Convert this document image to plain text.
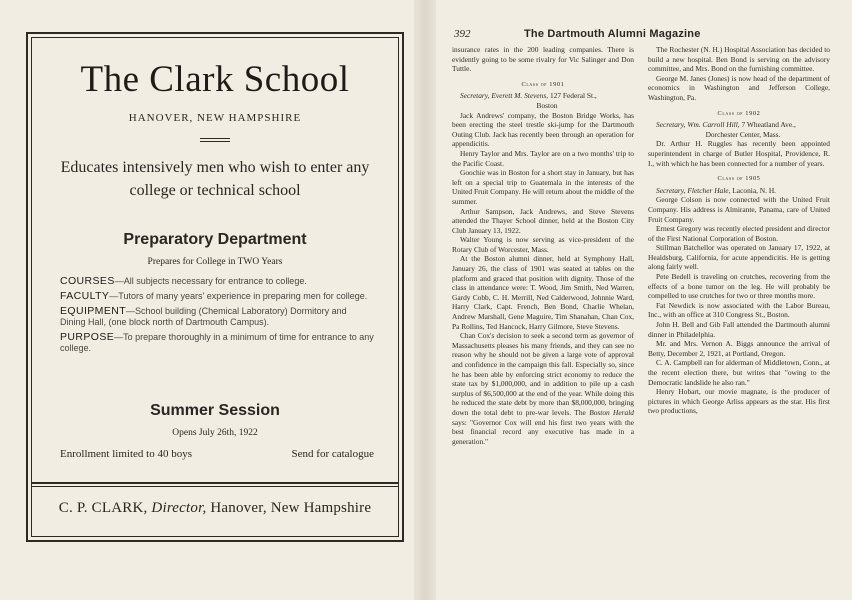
The Clark School
HANOVER, NEW HAMPSHIRE
Educates intensively men who wish to enter any college or technical school
Preparatory Department
Prepares for College in TWO Years
COURSES—All subjects necessary for entrance to college.
FACULTY—Tutors of many years' experience in preparing men for college.
EQUIPMENT—School building (Chemical Laboratory) Dormitory and Dining Hall, (one block north of Dartmouth Campus).
PURPOSE—To prepare thoroughly in a minimum of time for entrance to any college.
Summer Session
Opens July 26th, 1922
Enrollment limited to 40 boys	Send for catalogue
C. P. CLARK, Director, Hanover, New Hampshire
392	The Dartmouth Alumni Magazine

insurance rates in the 200 leading companies. There is evidently going to be some rivalry for Vic Salinger and Don Tuttle.

Class of 1901

Secretary, Everett M. Stevens, 127 Federal St.,

Boston

Jack Andrews' company, the Boston Bridge Works, has been erecting the steel trestle ski-jump for the Dartmouth Outing Club. Jack has recently been through an operation for appendicitis.

Henry Taylor and Mrs. Taylor are on a two months' trip to the Pacific Coast.

Goochie was in Boston for a short stay in January, but has left on a special trip to Guatemala in the interests of the United Fruit Company. He will return about the middle of the summer.

Arthur Sampson, Jack Andrews, and Steve Stevens attended the Thayer School dinner, held at the Boston City Club January 13, 1922.

Walter Young is now serving as vice-president of the Rotary Club of Worcester, Mass.

At the Boston alumni dinner, held at Symphony Hall, January 26, the class of 1901 was seated at tables on the platform and graced that position with dignity. Those of the class in attendance were: T. Wood, Jim Smith, Ned Warren, Gardy Cobb, C. H. Merrill, Ned Calderwood, Johnnie Ward, Harry Clark, Capt. French, Ben Bond, Charlie Whelan, Andrew Marshall, Gene Maguire, Tim Shanahan, Chan Cox, Pa Rollins, Ted Hancock, Harry Gilmore, Steve Stevens.

Chan Cox's decision to seek a second term as governor of Massachusetts pleases his many friends, and they can see no reason why he should not be given a large vote of approval and confidence in the campaign this fall. Especially so, since he has been able by enforcing strict economy to reduce the state tax by $1,000,000, and in addition to pile up a cash surplus of $6,500,000 at the end of the year. While doing this he reduced the state debt by more than $8,000,000, bringing down the total debt to pre-war levels. The Boston Herald says: "Governor Cox will end his first two years with the best financial record any executive has made in a generation."

The Rochester (N. H.) Hospital Association has decided to build a new hospital. Ben Bond is serving on the advisory committee, and Mrs. Bond on the furnishing committee.

George M. Janes (Jones) is now head of the department of economics in Washington and Jefferson College, Washington, Pa.

Class of 1902

Secretary, Wm. Carroll Hill, 7 Wheatland Ave.,

Dorchester Center, Mass.

Dr. Arthur H. Ruggles has recently been appointed superintendent in charge of Butler Hospital, Providence, R. I., with which he has been connected for a number of years.

Class of 1905

Secretary, Fletcher Hale, Laconia, N. H.

George Colson is now connected with the United Fruit Company. His address is Almirante, Panama, care of United Fruit Company.

Ernest Gregory was recently elected president and director of the First National Corporation of Boston.

Stillman Batchellor was operated on January 17, 1922, at Healdsburg, California, for acute appendicitis. He is getting along fairly well.

Pete Bedell is traveling on crutches, recovering from the effects of a bone tumor on the leg. He will probably be compelled to use crutches for two or three months more.

Fat Newdick is now associated with the Labor Bureau, Inc., with an office at 310 Congress St., Boston.

John H. Bell and Gib Fall attended the Dartmouth alumni dinner in Philadelphia.

Mr. and Mrs. Vernon A. Biggs announce the arrival of Betty, December 2, 1921, at Portland, Oregon.

C. A. Campbell ran for alderman of Middletown, Conn., at the recent election there, but writes that "owing to the Democratic landslide he also ran."

Henry Hobart, our movie magnate, is the producer of pictures in which George Arliss appears as the star. His first two productions,
